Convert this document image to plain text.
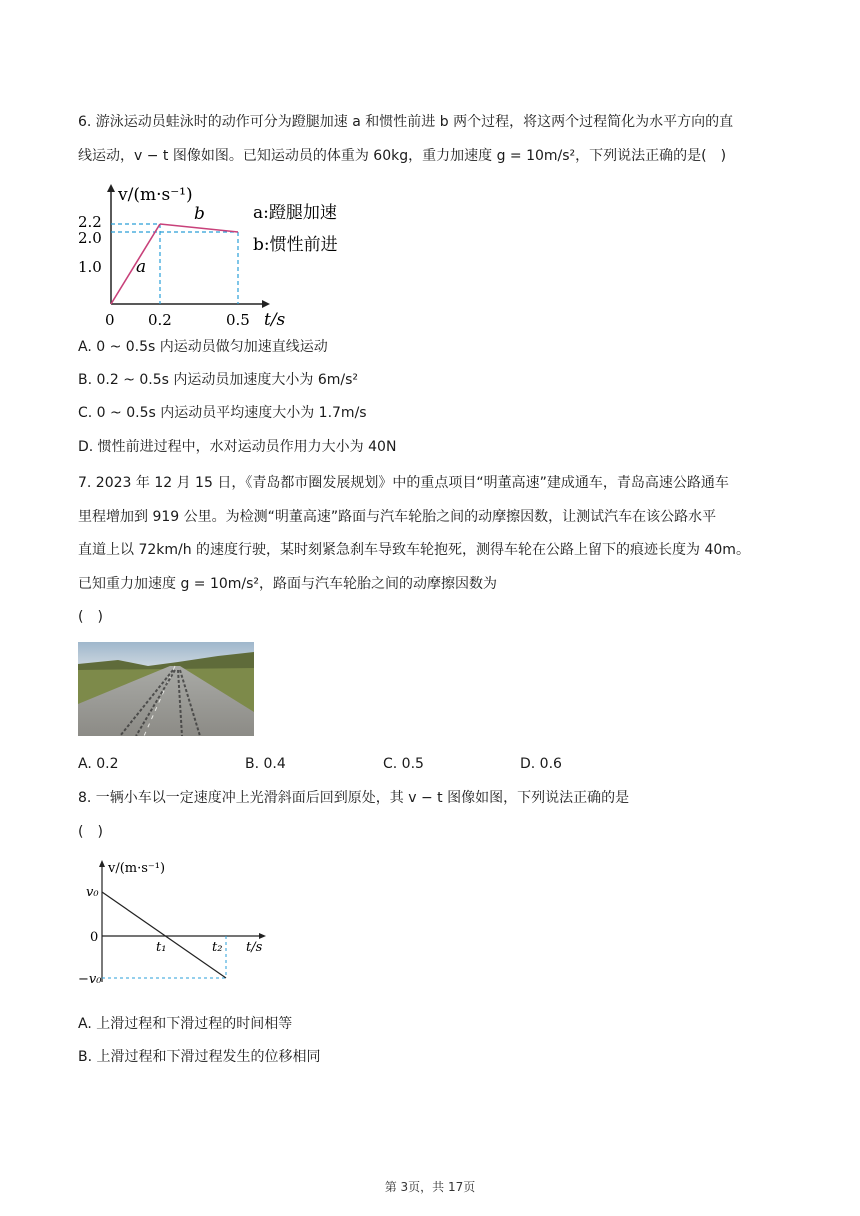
6. 游泳运动员蛙泳时的动作可分为蹬腿加速 a 和惯性前进 b 两个过程，将这两个过程简化为水平方向的直
线运动，v − t 图像如图。已知运动员的体重为 60kg，重力加速度 g = 10m/s²，下列说法正确的是(　)
v/(m·s⁻¹)
2.2
2.0
1.0
0 0.2	0.5 t/s
a
b	a:蹬腿加速
b:惯性前进
A. 0 ~ 0.5s 内运动员做匀加速直线运动
B. 0.2 ~ 0.5s 内运动员加速度大小为 6m/s²
C. 0 ~ 0.5s 内运动员平均速度大小为 1.7m/s
D. 惯性前进过程中，水对运动员作用力大小为 40N
7. 2023 年 12 月 15 日，《青岛都市圈发展规划》中的重点项目“明董高速”建成通车，青岛高速公路通车
里程增加到 919 公里。为检测“明董高速”路面与汽车轮胎之间的动摩擦因数，让测试汽车在该公路水平
直道上以 72km/h 的速度行驶，某时刻紧急刹车导致车轮抱死，测得车轮在公路上留下的痕迹长度为 40m。
已知重力加速度 g = 10m/s²，路面与汽车轮胎之间的动摩擦因数为
(　)
A. 0.2	B. 0.4	C. 0.5	D. 0.6
8. 一辆小车以一定速度冲上光滑斜面后回到原处，其 v − t 图像如图，下列说法正确的是
(　)
v/(m·s⁻¹)
v₀
0
−v₀
t₁	t₂ t/s
A. 上滑过程和下滑过程的时间相等
B. 上滑过程和下滑过程发生的位移相同
第 3页，共 17页
